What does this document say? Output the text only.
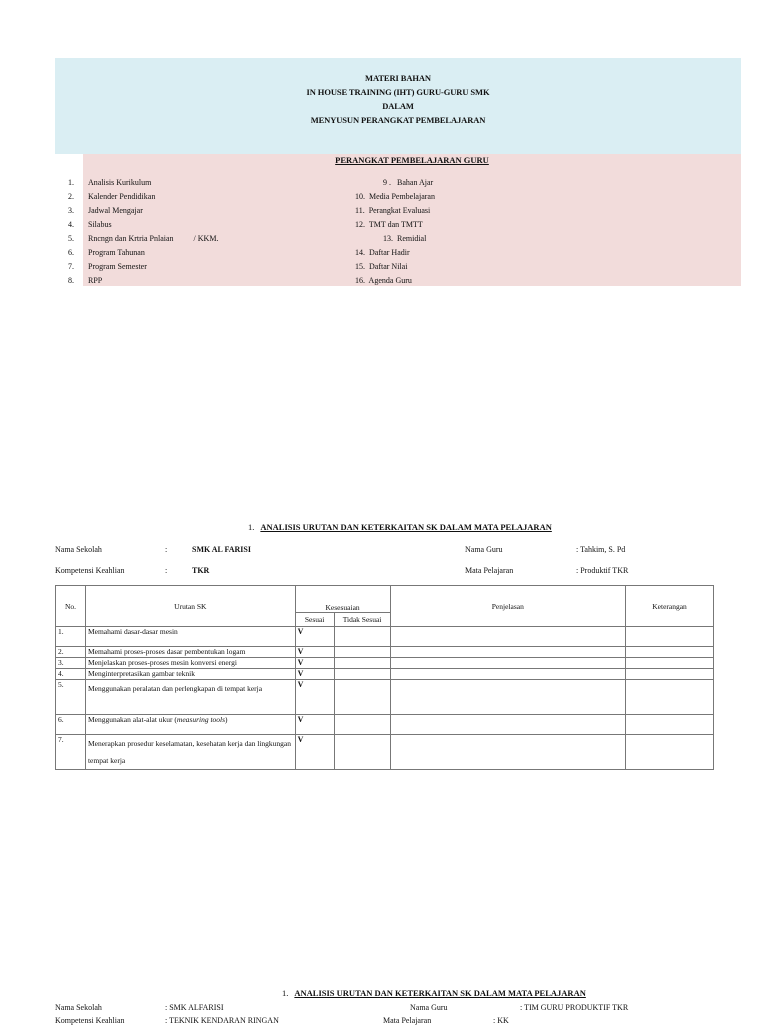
MATERI BAHAN
IN HOUSE TRAINING (IHT) GURU-GURU SMK
DALAM
MENYUSUN PERANGKAT PEMBELAJARAN
PERANGKAT PEMBELAJARAN GURU
1. Analisis Kurikulum
2. Kalender Pendidikan
3. Jadwal Mengajar
4. Silabus
5. Rncngn dan Krtria Pnlaian          / KKM.
6. Program Tahunan
7. Program Semester
8. RPP
9 .   Bahan Ajar
10.  Media Pembelajaran
11.  Perangkat Evaluasi
12.  TMT dan TMTT
13.  Remidial
14.  Daftar Hadir
15.  Daftar Nilai
16.  Agenda Guru
1. ANALISIS URUTAN DAN KETERKAITAN SK DALAM MATA PELAJARAN
Nama Sekolah	:	SMK AL FARISI
Kompetensi Keahlian	:	TKR
Nama Guru	: Tahkim, S. Pd
Mata Pelajaran	: Produktif TKR
No.	Urutan SK	Kesesuaian		Penjelasan	Keterangan
		Sesuai	Tidak Sesuai		
1.	Memahami dasar-dasar mesin	V			
2.	Memahami proses-proses dasar pembentukan logam	V			
3.	Menjelaskan proses-proses mesin konversi energi	V			
4.	Menginterpretasikan gambar teknik	V			
5.	Menggunakan peralatan dan perlengkapan di tempat kerja	V			
6.	Menggunakan alat-alat ukur (measuring tools)	V			
7.	Menerapkan prosedur keselamatan, kesehatan kerja dan lingkungan tempat kerja	V			
1. ANALISIS URUTAN DAN KETERKAITAN SK DALAM MATA PELAJARAN
Nama Sekolah	: SMK ALFARISI	Nama Guru	: TIM GURU PRODUKTIF TKR
Kompetensi Keahlian	: TEKNIK KENDARAN RINGAN	Mata Pelajaran	: KK
